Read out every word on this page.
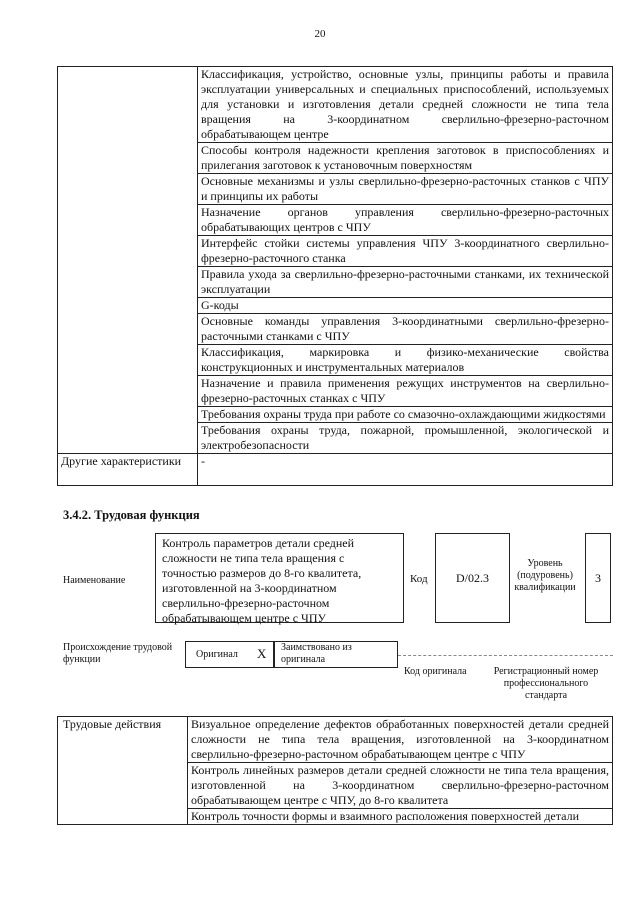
20
	Классификация, устройство, основные узлы, принципы работы и правила эксплуатации универсальных и специальных приспособлений, используемых для установки и изготовления детали средней сложности не типа тела вращения на 3-координатном сверлильно-фрезерно-расточном обрабатывающем центре
	Способы контроля надежности крепления заготовок в приспособлениях и прилегания заготовок к установочным поверхностям
	Основные механизмы и узлы сверлильно-фрезерно-расточных станков с ЧПУ и принципы их работы
	Назначение органов управления сверлильно-фрезерно-расточных обрабатывающих центров с ЧПУ
	Интерфейс стойки системы управления ЧПУ 3-координатного сверлильно-фрезерно-расточного станка
	Правила ухода за сверлильно-фрезерно-расточными станками, их технической эксплуатации
	G-коды
	Основные команды управления 3-координатными сверлильно-фрезерно-расточными станками с ЧПУ
	Классификация, маркировка и физико-механические свойства конструкционных и инструментальных материалов
	Назначение и правила применения режущих инструментов на сверлильно-фрезерно-расточных станках с ЧПУ
	Требования охраны труда при работе со смазочно-охлаждающими жидкостями
	Требования охраны труда, пожарной, промышленной, экологической и электробезопасности
Другие характеристики	-
3.4.2. Трудовая функция
Наименование
Контроль параметров детали средней сложности не типа тела вращения с точностью размеров до 8-го квалитета, изготовленной на 3-координатном сверлильно-фрезерно-расточном обрабатывающем центре с ЧПУ
Код	D/02.3
Уровень (подуровень) квалификации
3
Происхождение трудовой функции	Оригинал X	Заимствовано из оригинала
Код оригинала	Регистрационный номер профессионального стандарта
Трудовые действия	Визуальное определение дефектов обработанных поверхностей детали средней сложности не типа тела вращения, изготовленной на 3-координатном сверлильно-фрезерно-расточном обрабатывающем центре с ЧПУ
Контроль линейных размеров детали средней сложности не типа тела вращения, изготовленной на 3-координатном сверлильно-фрезерно-расточном обрабатывающем центре с ЧПУ, до 8-го квалитета
Контроль точности формы и взаимного расположения поверхностей детали
